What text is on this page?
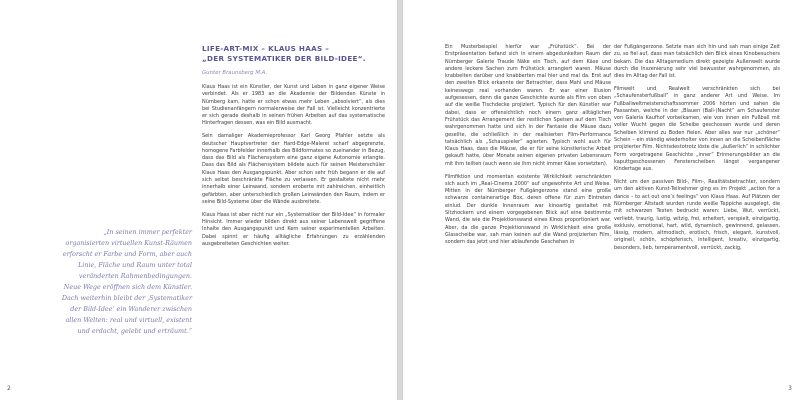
LIFE-ART-MIX – KLAUS HAAS –
„DER SYSTEMATIKER DER BILD-IDEE“.
Gunter Braunsberg M.A.

Klaus Haas ist ein Künstler, der Kunst und Leben in ganz eigener Weise verbindet. Als er 1983 an die Akademie der Bildenden Künste in Nürnberg kam, hatte er schon etwas mehr Leben „absolviert“, als dies bei Studienanfängern normalerweise der Fall ist. Vielleicht konzentrierte er sich gerade deshalb in seinen frühen Arbeiten auf das systematische Hinterfragen dessen, was ein Bild ausmacht.

Sein damaliger Akademieprofessor Karl Georg Pfahler setzte als deutscher Hauptvertreter der Hard-Edge-Malerei scharf abgegrenzte, homogene Farbfelder innerhalb des Bildformates so zueinander in Bezug, dass das Bild als Flächensystem eine ganz eigene Autonomie erlangte. Dass das Bild als Flächensystem bildete auch für seinen Meisterschüler Klaus Haas den Ausgangspunkt. Aber schon sehr früh begann er die auf sich selbst beschränkte Fläche zu verlassen. Er gestaltete nicht mehr innerhalb einer Leinwand, sondern eroberte mit zahlreichen, einheitlich gefärbten, aber unterschiedlich großen Leinwänden den Raum, indem er seine Bild-Systeme über die Wände ausbreitete.

Klaus Haas ist aber nicht nur ein „Systematiker der Bild-Idee“ in formaler Hinsicht. Immer wieder bilden direkt aus seiner Lebenswelt gegriffene Inhalte den Ausgangspunkt und Kern seiner experimentellen Arbeiten. Dabei spinnt er häufig alltägliche Erfahrungen zu erzählenden ausgebreiteten Geschichten weiter.

„In seinen immer perfekter organisierten virtuellen Kunst-Räumen erforscht er Farbe und Form, aber auch Linie, Fläche und Raum unter total veränderten Rahmenbedingungen. Neue Wege eröffnen sich dem Künstler. Dach weiterhin bleibt der ‚Systematiker der Bild-Idee‘ ein Wanderer zwischen allen Welten: real und virtuell, existent und erdacht, gelebt und erträumt.“
2	3

Ein Musterbeispiel hierfür war „Frühstück“. Bei der Erstpräsentation befand sich in einem abgedunkelten Raum der Nürnberger Galerie Traude Näke ein Tisch, auf dem Käse und andere leckere Sachen zum Frühstück arrangiert waren. Mäuse krabbelten darüber und knabberten mal hier und mal da. Erst auf den zweiten Blick erkannte der Betrachter, dass Mahl und Mäuse keineswegs real vorhanden waren. Er war einer Illusion aufgesessen, denn die ganze Geschichte wurde als Film von oben auf die weiße Tischdecke projiziert. Typisch für den Künstler war dabei, dass er offensichtlich noch einem ganz alltäglichen Frühstück das Arrangement der restlichen Speisen auf dem Tisch wahrgenommen hatte und sich in der Fantasie die Mäuse dazu gesellte, die schließlich in der realisierten Film-Performance tatsächlich als „Schauspieler“ agierten. Typisch wohl auch für Klaus Haas, dass die Mäuse, die er für seine künstlerische Arbeit gekauft hatte, über Monate seinen eigenen privaten Lebensraum mit ihm teilten (auch wenn sie ihm nicht immer Käse vorsetzten).

Filmfiktion und momentan existente Wirklichkeit verschränkten sich auch im „Real-Cinema 2000“ auf ungewohnte Art und Weise. Mitten in der Nürnberger Fußgängerzone stand eine große schwarze containerartige Box, deren offene für zum Eintreten einlud. Der dunkle Innenraum war kinoartig gestaltet mit Sitzhockern und einem vorgegebenen Blick auf eine bestimmte Wand, die wie die Projektionswand eines Kinos proportioniert war. Aber, da die ganze Projektionswand in Wirklichkeit eine große Glasscheibe war, sah man keinen auf die Wand projizierten Film, sondern das jetzt und hier ablaufende Geschehen in

der Fußgängerzone. Setzte man sich hin und sah man einige Zeit zu, so fiel auf, dass man tatsächlich den Blick eines Kinobesuchers bekam. Die das Alltagsmedium direkt gezeigte Außenwelt wurde durch die Inszenierung sehr viel bewusster wahrgenommen, als dies im Alltag der Fall ist.

Filmwelt und Realwelt verschränkten sich bei „Schaufensterfußball“ in ganz anderer Art und Weise. Im Fußballweltmeisterschaftssommer 2006 hörten und sahen die Passanten, welche in der „Blauen (Ball-)Nacht“ am Schaufenster von Galeria Kaufhof vorbeikamen, wie von innen ein Fußball mit voller Wucht gegen die Scheibe geschossen wurde und deren Scheiben klirrend zu Boden fielen. Aber alles war nur „schöner“ Schein – ein ständig wiederholter von innen an die Scheibenfläche projizierter Film. Nichtsdestotrotz löste die „äußerlich“ in schlichter Form vorgetragene Geschichte „inner“ Erinnerungsbilder an die kaputtgeschossenen Fensterscheiben längst vergangener Kindertage aus.

Nicht um den passiven Bild-, Film-, Realitätsbetrachter, sondern um den aktiven Kunst-Teilnehmer ging es im Projekt „action for a dance – to act out one’s feelings“ von Klaus Haas. Auf Plätzen der Nürnberger Altstadt wurden runde weiße Teppiche ausgelegt, die mit schwarzen Texten bedruckt waren: Liebe, Wut, verrückt, verliebt, traurig, lustig, witzig, frei, erheitert, verspielt, einzigartig, exklusiv, emotional, hart, wild, dynamisch, gewinnend, gelassen, lässig, modern, altmodisch, erotisch, frisch, elegant, kunstvoll, originell, schön, schöpferisch, intelligent, kreativ, einzigartig, besonders, lieb, temperamentvoll, verrückt, zackig,
